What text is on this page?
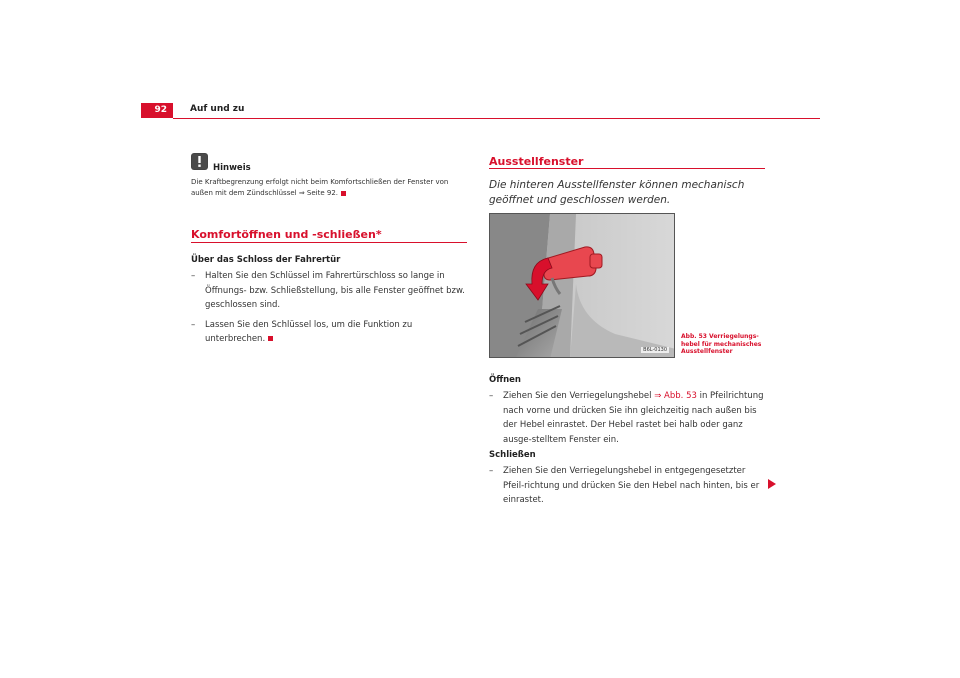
92	Auf und zu
Hinweis
Die Kraftbegrenzung erfolgt nicht beim Komfortschließen der Fenster von
außen mit dem Zündschlüssel ⇒ Seite 92.
Komfortöffnen und -schließen*
Über das Schloss der Fahrertür
– Halten Sie den Schlüssel im Fahrertürschloss so lange in Öffnungs- bzw. Schließstellung, bis alle Fenster geöffnet bzw. geschlossen sind.
– Lassen Sie den Schlüssel los, um die Funktion zu unterbrechen.
Ausstellfenster
Die hinteren Ausstellfenster können mechanisch geöffnet und geschlossen werden.
B6L-0130
Abb. 53 Verriegelungs-hebel für mechanisches Ausstellfenster
Öffnen
– Ziehen Sie den Verriegelungshebel ⇒ Abb. 53 in Pfeilrichtung nach vorne und drücken Sie ihn gleichzeitig nach außen bis der Hebel einrastet. Der Hebel rastet bei halb oder ganz ausge-stelltem Fenster ein.
Schließen
– Ziehen Sie den Verriegelungshebel in entgegengesetzter Pfeil-richtung und drücken Sie den Hebel nach hinten, bis er einrastet.
